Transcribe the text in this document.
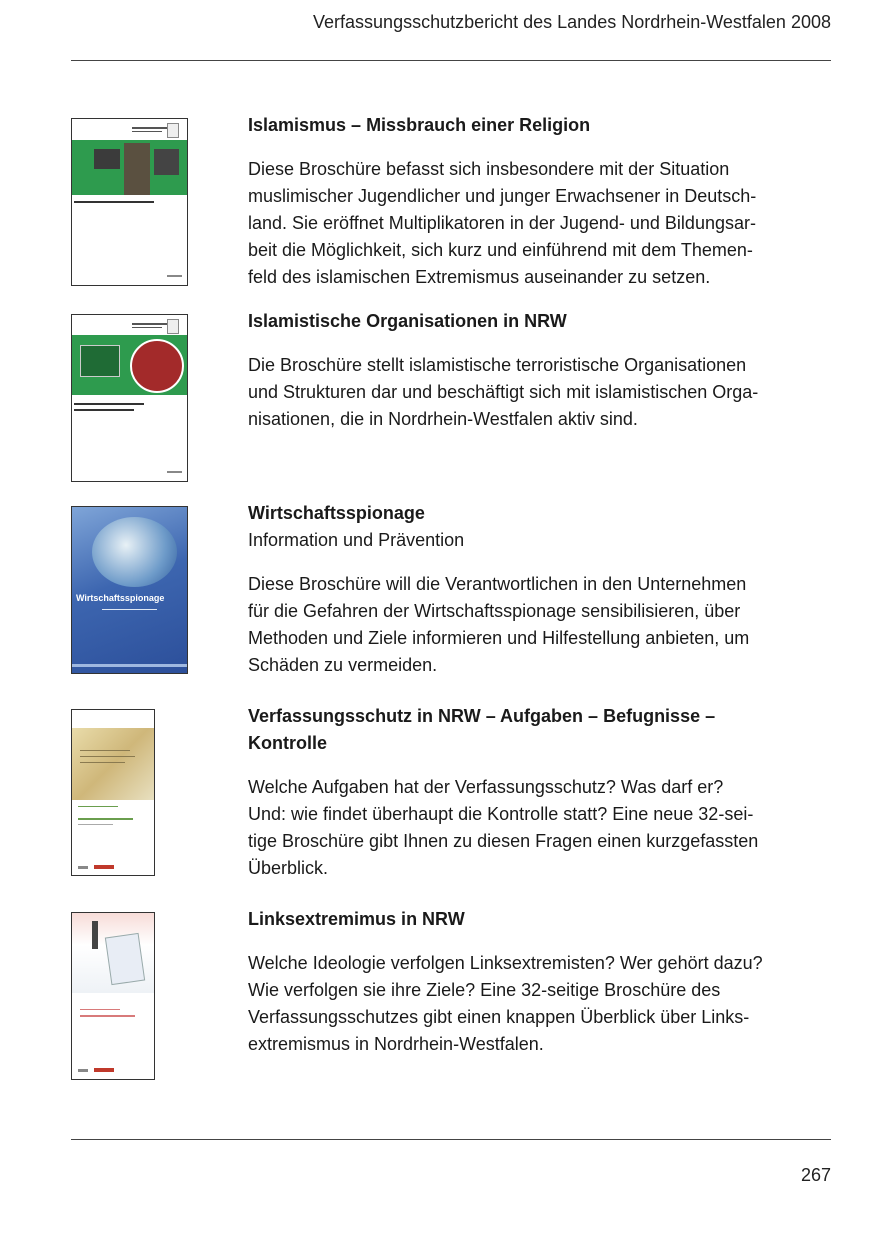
Verfassungsschutzbericht des Landes Nordrhein-Westfalen 2008

Islamismus – Missbrauch einer Religion

Diese Broschüre befasst sich insbesondere mit der Situation
muslimischer Jugendlicher und junger Erwachsener in Deutsch-
land. Sie eröffnet Multiplikatoren in der Jugend- und Bildungsar-
beit die Möglichkeit, sich kurz und einführend mit dem Themen-
feld des islamischen Extremismus auseinander zu setzen.

Islamistische Organisationen in NRW

Die Broschüre stellt islamistische terroristische Organisationen
und Strukturen dar und beschäftigt sich mit islamistischen Orga-
nisationen, die in Nordrhein-Westfalen aktiv sind.

Wirtschaftsspionage

Wirtschaftsspionage

Information und Prävention

Diese Broschüre will die Verantwortlichen in den Unternehmen
für die Gefahren der Wirtschaftsspionage sensibilisieren, über
Methoden und Ziele informieren und Hilfestellung anbieten, um
Schäden zu vermeiden.

Verfassungsschutz in NRW – Aufgaben – Befugnisse –
Kontrolle

Welche Aufgaben hat der Verfassungsschutz? Was darf er?
Und: wie findet überhaupt die Kontrolle statt? Eine neue 32-sei-
tige Broschüre gibt Ihnen zu diesen Fragen einen kurzgefassten
Überblick.

Linksextremimus in NRW

Welche Ideologie verfolgen Linksextremisten? Wer gehört dazu?
Wie verfolgen sie ihre Ziele? Eine 32-seitige Broschüre des
Verfassungsschutzes gibt einen knappen Überblick über Links-
extremismus in Nordrhein-Westfalen.

267
